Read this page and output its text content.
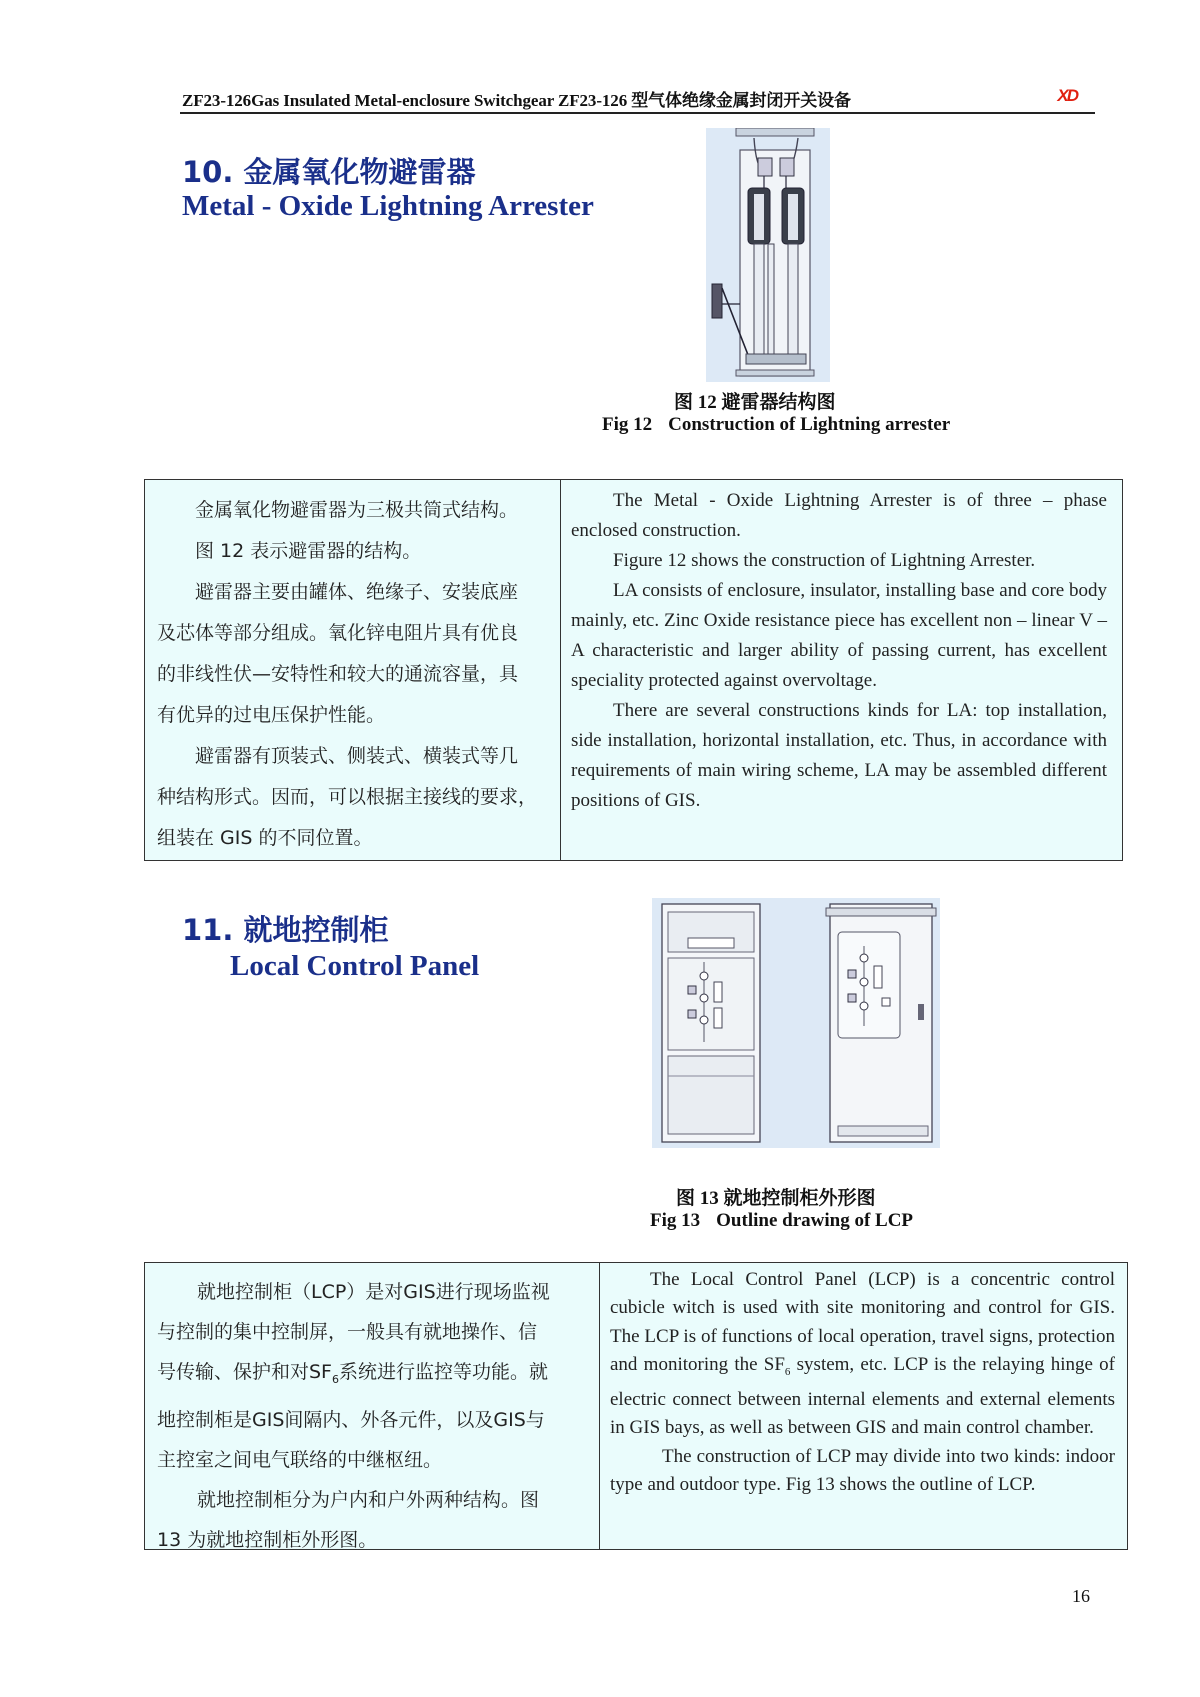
ZF23-126Gas Insulated Metal-enclosure Switchgear ZF23-126 型气体绝缘金属封闭开关设备	XD
10. 金属氧化物避雷器
Metal - Oxide Lightning Arrester
图 12 避雷器结构图
Fig 12 Construction of Lightning arrester

金属氧化物避雷器为三极共筒式结构。

图 12 表示避雷器的结构。

避雷器主要由罐体、绝缘子、安装底座

及芯体等部分组成。氧化锌电阻片具有优良

的非线性伏—安特性和较大的通流容量，具

有优异的过电压保护性能。

避雷器有顶装式、侧装式、横装式等几

种结构形式。因而，可以根据主接线的要求，

组装在 GIS 的不同位置。

The Metal - Oxide Lightning Arrester is of three – phase enclosed construction.

Figure 12 shows the construction of Lightning Arrester.

LA consists of enclosure, insulator, installing base and core body mainly, etc. Zinc Oxide resistance piece has excellent non – linear V – A characteristic and larger ability of passing current, has excellent speciality protected against overvoltage.

There are several constructions kinds for LA: top installation, side installation, horizontal installation, etc. Thus, in accordance with requirements of main wiring scheme, LA may be assembled different positions of GIS.

11. 就地控制柜
Local Control Panel
图 13 就地控制柜外形图
Fig 13 Outline drawing of LCP

就地控制柜（LCP）是对GIS进行现场监视

与控制的集中控制屏，一般具有就地操作、信

号传输、保护和对$SF_6$系统进行监控等功能。就

地控制柜是GIS间隔内、外各元件，以及GIS与

主控室之间电气联络的中继枢纽。

就地控制柜分为户内和户外两种结构。图

13 为就地控制柜外形图。

The Local Control Panel (LCP) is a concentric control cubicle witch is used with site monitoring and control for GIS. The LCP is of functions of local operation, travel signs, protection and monitoring the $SF_6$ system, etc. LCP is the relaying hinge of electric connect between internal elements and external elements in GIS bays, as well as between GIS and main control chamber.

The construction of LCP may divide into two kinds: indoor type and outdoor type. Fig 13 shows the outline of LCP.

16
